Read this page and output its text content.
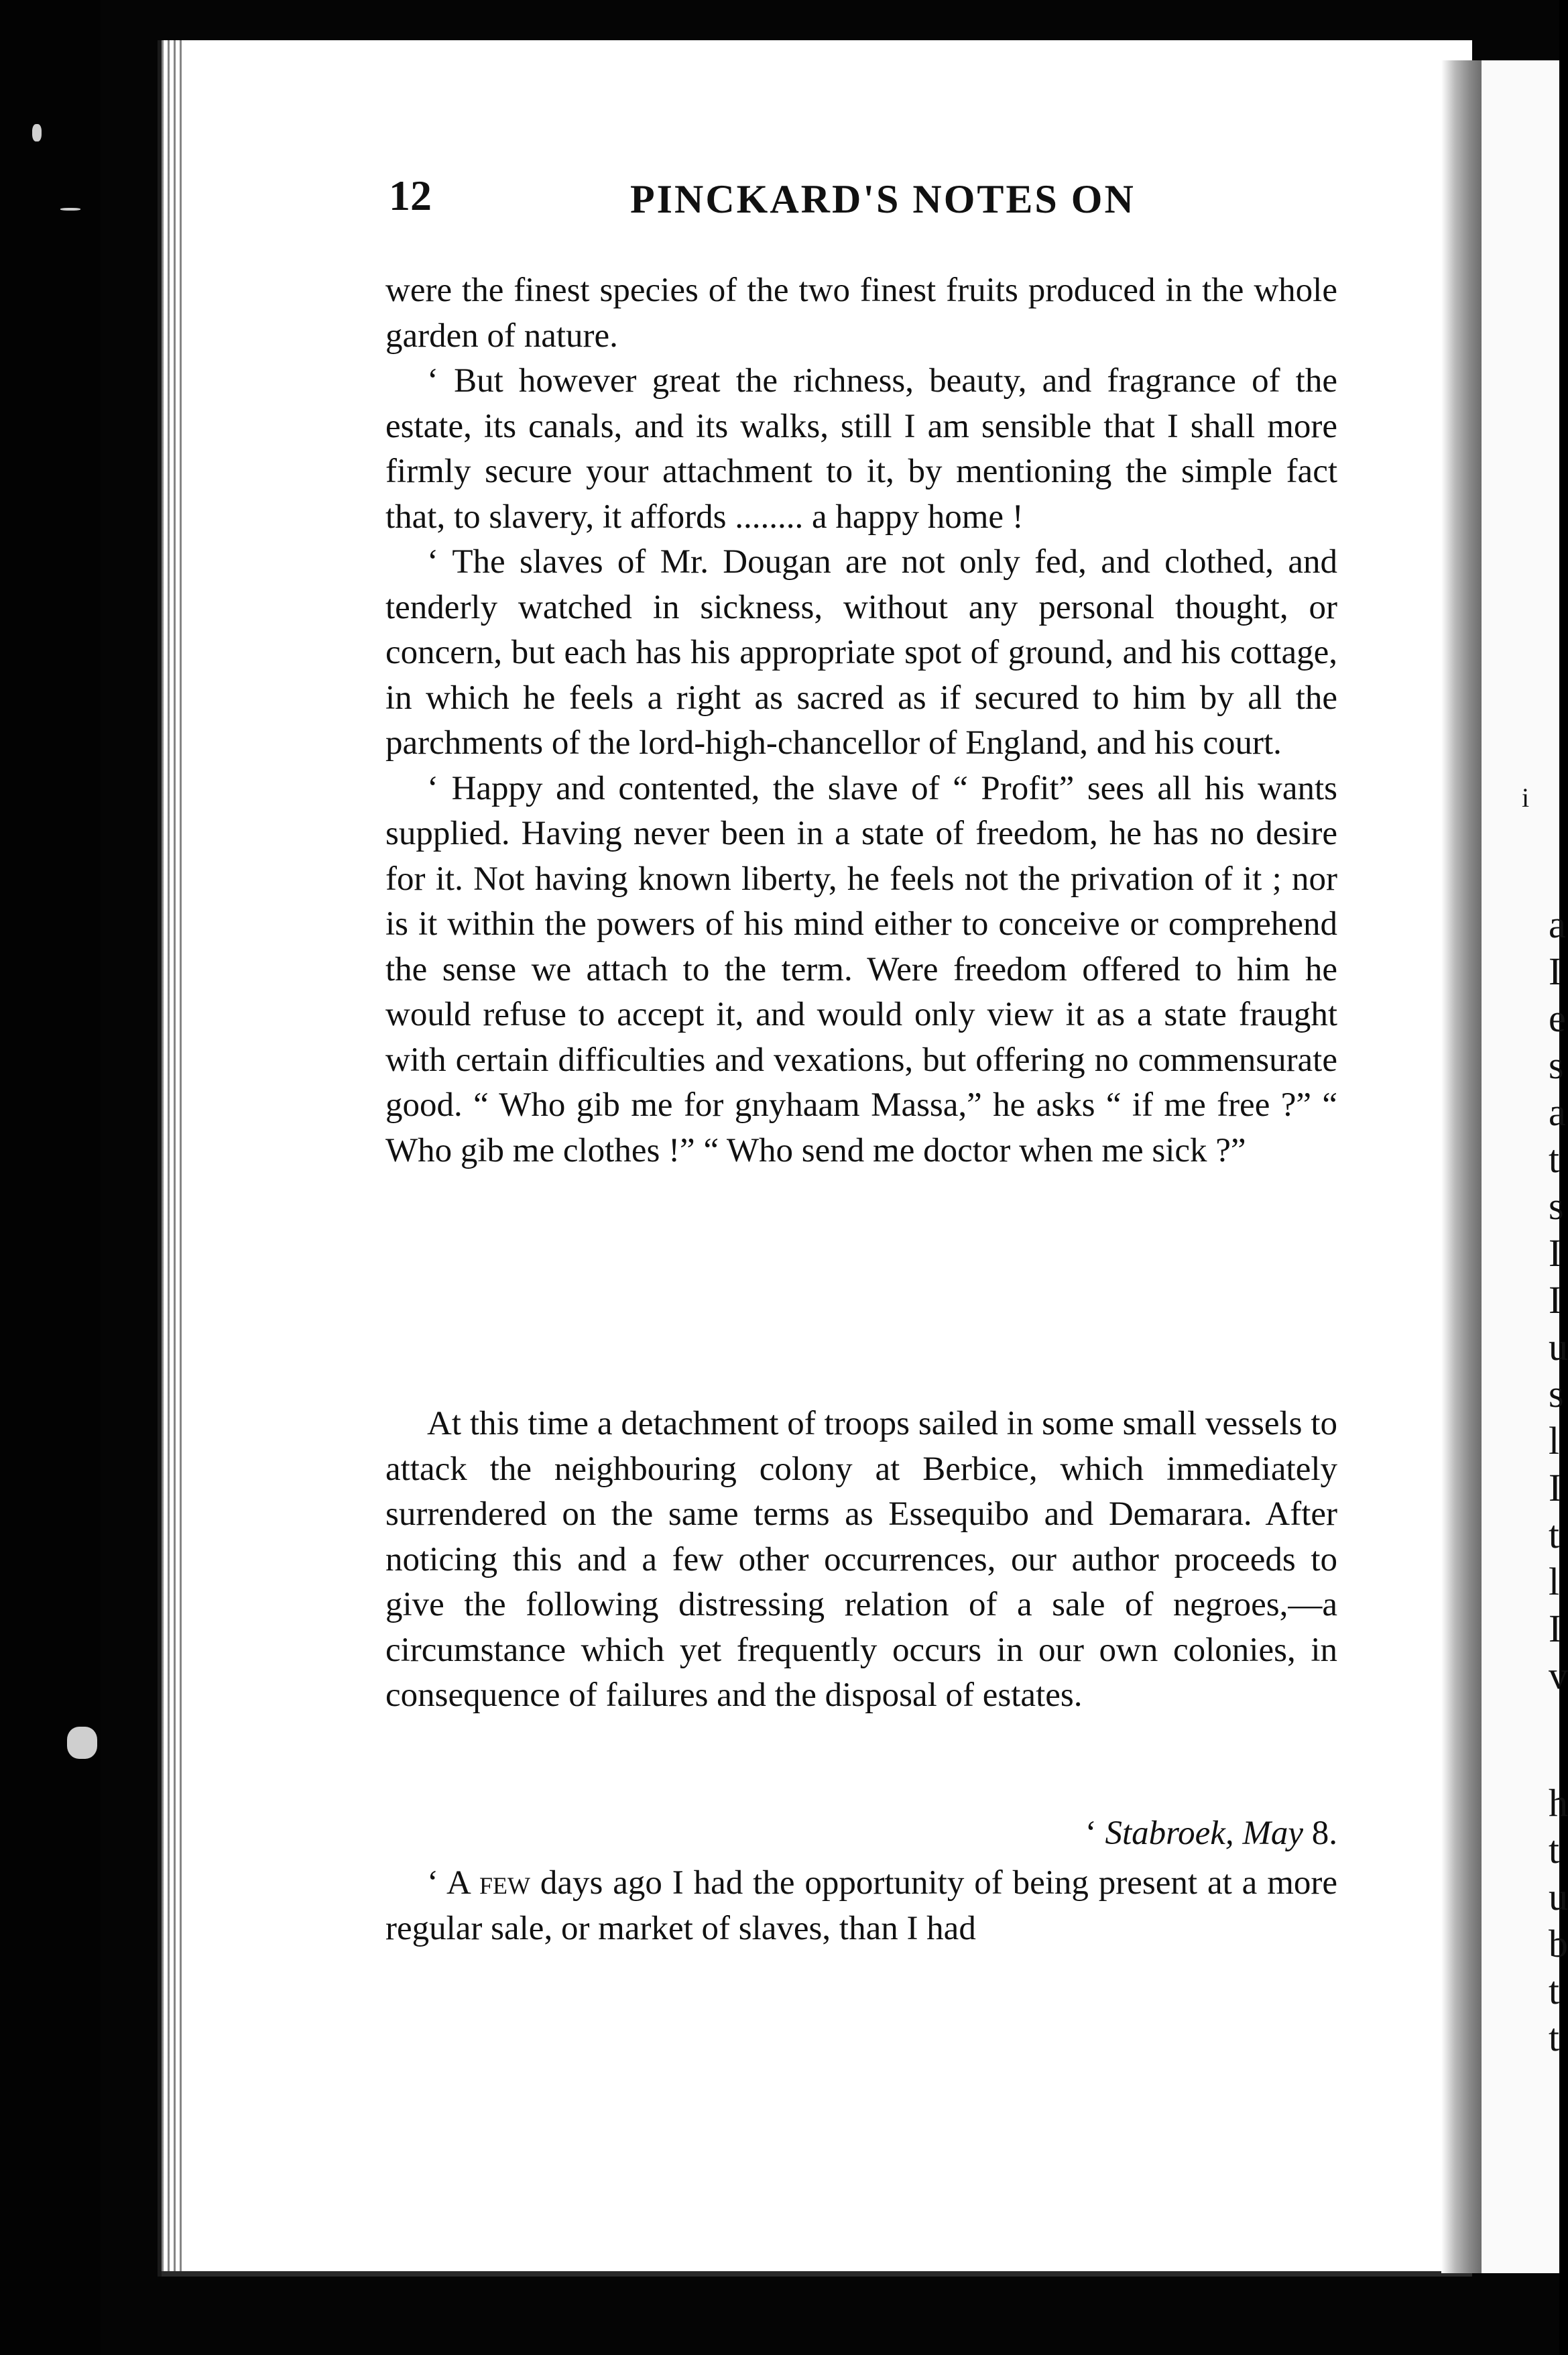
i
a
I
e
s
a
t
s
I
I
u
s
l
I
t
l
I
v
h
t
u
b
t
t
12	PINCKARD'S NOTES ON

were the finest species of the two finest fruits produced in the whole garden of nature.

‘ But however great the richness, beauty, and fragrance of the estate, its canals, and its walks, still I am sensible that I shall more firmly secure your attachment to it, by mentioning the simple fact that, to slavery, it affords ........ a happy home !

‘ The slaves of Mr. Dougan are not only fed, and clothed, and tenderly watched in sickness, without any personal thought, or concern, but each has his appropriate spot of ground, and his cottage, in which he feels a right as sacred as if secured to him by all the parchments of the lord-high-chancellor of England, and his court.

‘ Happy and contented, the slave of “ Profit” sees all his wants supplied. Having never been in a state of freedom, he has no desire for it. Not having known liberty, he feels not the privation of it ; nor is it within the powers of his mind either to conceive or comprehend the sense we attach to the term. Were freedom offered to him he would refuse to accept it, and would only view it as a state fraught with certain difficulties and vexations, but offering no commensurate good. “ Who gib me for gnyhaam Massa,” he asks “ if me free ?” “ Who gib me clothes !” “ Who send me doctor when me sick ?”

At this time a detachment of troops sailed in some small vessels to attack the neighbouring colony at Berbice, which immediately surrendered on the same terms as Essequibo and Demarara. After noticing this and a few other occurrences, our author proceeds to give the following distressing relation of a sale of negroes,—a circumstance which yet frequently occurs in our own colonies, in consequence of failures and the disposal of estates.

‘ Stabroek, May 8.

‘ A few days ago I had the opportunity of being present at a more regular sale, or market of slaves, than I had
